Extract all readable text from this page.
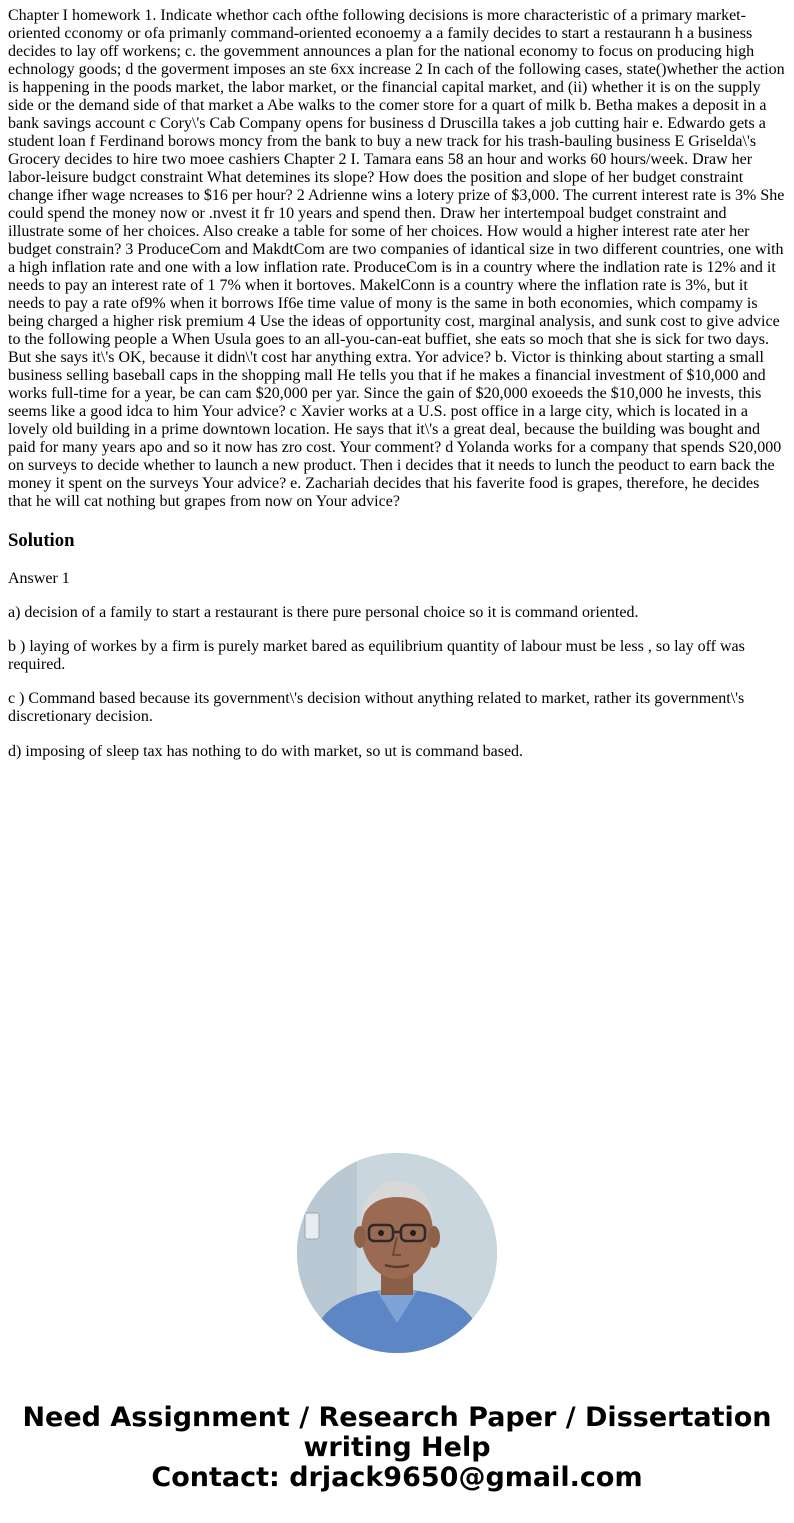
Chapter I homework 1. Indicate whethor cach ofthe following decisions is more characteristic of a primary market-oriented cconomy or ofa primanly command-oriented econoemy a a family decides to start a restaurann h a business decides to lay off workens; c. the govemment announces a plan for the national economy to focus on producing high echnology goods; d the goverment imposes an ste 6xx increase 2 In cach of the following cases, state()whether the action is happening in the poods market, the labor market, or the financial capital market, and (ii) whether it is on the supply side or the demand side of that market a Abe walks to the comer store for a quart of milk b. Betha makes a deposit in a bank savings account c Cory\'s Cab Company opens for business d Druscilla takes a job cutting hair e. Edwardo gets a student loan f Ferdinand borows moncy from the bank to buy a new track for his trash-bauling business E Griselda\'s Grocery decides to hire two moee cashiers Chapter 2 I. Tamara eans 58 an hour and works 60 hours/week. Draw her labor-leisure budgct constraint What detemines its slope? How does the position and slope of her budget constraint change ifher wage ncreases to $16 per hour? 2 Adrienne wins a lotery prize of $3,000. The current interest rate is 3% She could spend the money now or .nvest it fr 10 years and spend then. Draw her intertempoal budget constraint and illustrate some of her choices. Also creake a table for some of her choices. How would a higher interest rate ater her budget constrain? 3 ProduceCom and MakdtCom are two companies of idantical size in two different countries, one with a high inflation rate and one with a low inflation rate. ProduceCom is in a country where the indlation rate is 12% and it needs to pay an interest rate of 1 7% when it bortoves. MakelConn is a country where the inflation rate is 3%, but it needs to pay a rate of9% when it borrows If6e time value of mony is the same in both economies, which compamy is being charged a higher risk premium 4 Use the ideas of opportunity cost, marginal analysis, and sunk cost to give advice to the following people a When Usula goes to an all-you-can-eat buffiet, she eats so moch that she is sick for two days. But she says it\'s OK, because it didn\'t cost har anything extra. Yor advice? b. Victor is thinking about starting a small business selling baseball caps in the shopping mall He tells you that if he makes a financial investment of $10,000 and works full-time for a year, be can cam $20,000 per yar. Since the gain of $20,000 exoeeds the $10,000 he invests, this seems like a good idca to him Your advice? c Xavier works at a U.S. post office in a large city, which is located in a lovely old building in a prime downtown location. He says that it\'s a great deal, because the building was bought and paid for many years apo and so it now has zro cost. Your comment? d Yolanda works for a company that spends S20,000 on surveys to decide whether to launch a new product. Then i decides that it needs to lunch the peoduct to earn back the money it spent on the surveys Your advice? e. Zachariah decides that his faverite food is grapes, therefore, he decides that he will cat nothing but grapes from now on Your advice?

Solution

Answer 1

a) decision of a family to start a restaurant is there pure personal choice so it is command oriented.

b ) laying of workes by a firm is purely market bared as equilibrium quantity of labour must be less , so lay off was required.

c ) Command based because its government\'s decision without anything related to market, rather its government\'s discretionary decision.

d) imposing of sleep tax has nothing to do with market, so ut is command based.

Need Assignment / Research Paper / Dissertation
writing Help
Contact: drjack9650@gmail.com
